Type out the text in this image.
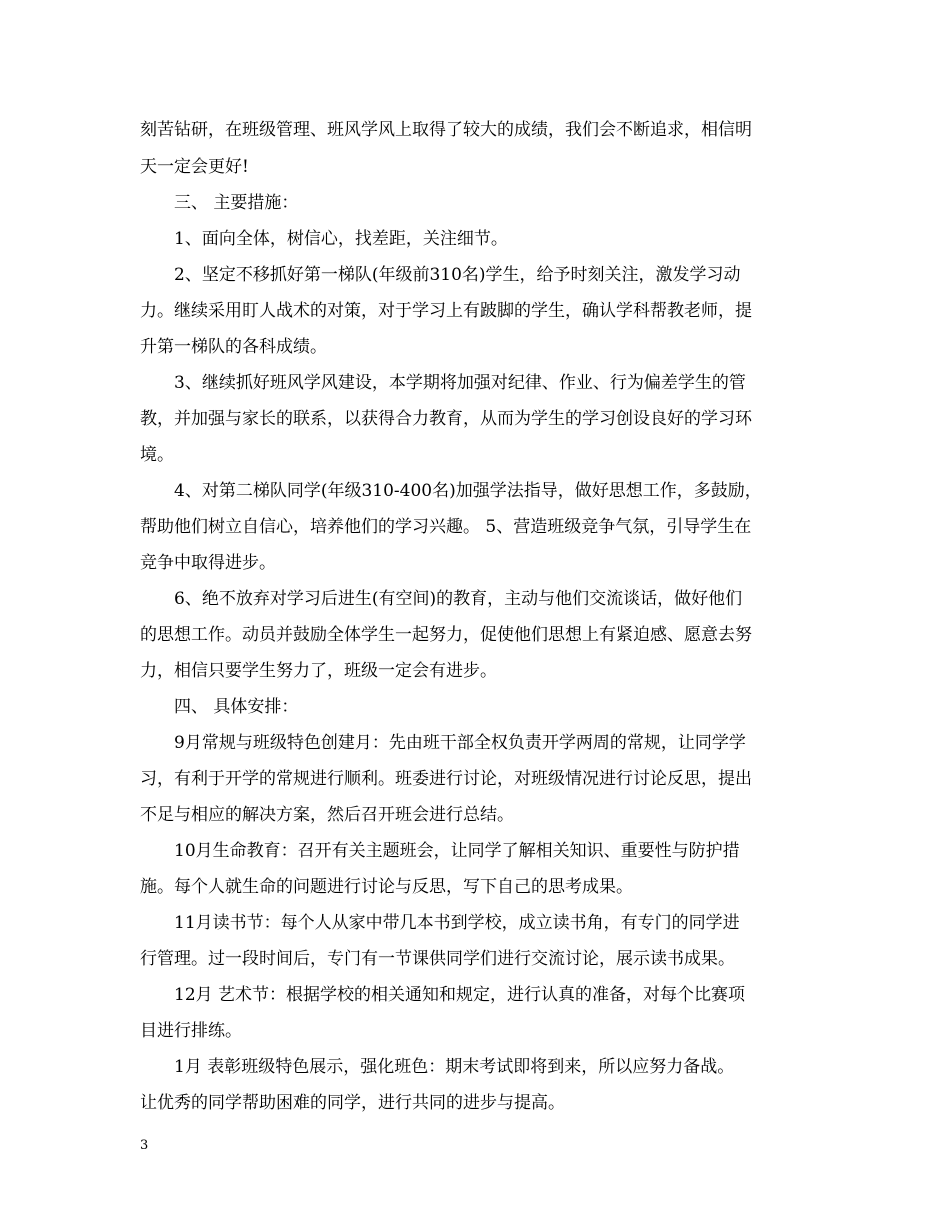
刻苦钻研，在班级管理、班风学风上取得了较大的成绩，我们会不断追求，相信明
天一定会更好!
三、 主要措施：
1、面向全体，树信心，找差距，关注细节。
2、坚定不移抓好第一梯队(年级前310名)学生，给予时刻关注，激发学习动
力。继续采用盯人战术的对策，对于学习上有跛脚的学生，确认学科帮教老师，提
升第一梯队的各科成绩。
3、继续抓好班风学风建设，本学期将加强对纪律、作业、行为偏差学生的管
教，并加强与家长的联系，以获得合力教育，从而为学生的学习创设良好的学习环
境。
4、对第二梯队同学(年级310-400名)加强学法指导，做好思想工作，多鼓励，
帮助他们树立自信心，培养他们的学习兴趣。 5、营造班级竞争气氛，引导学生在
竞争中取得进步。
6、绝不放弃对学习后进生(有空间)的教育，主动与他们交流谈话，做好他们
的思想工作。动员并鼓励全体学生一起努力，促使他们思想上有紧迫感、愿意去努
力，相信只要学生努力了，班级一定会有进步。
四、 具体安排：
9月常规与班级特色创建月：先由班干部全权负责开学两周的常规，让同学学
习，有利于开学的常规进行顺利。班委进行讨论，对班级情况进行讨论反思，提出
不足与相应的解决方案，然后召开班会进行总结。
10月生命教育：召开有关主题班会，让同学了解相关知识、重要性与防护措
施。每个人就生命的问题进行讨论与反思，写下自己的思考成果。
11月读书节：每个人从家中带几本书到学校，成立读书角，有专门的同学进
行管理。过一段时间后，专门有一节课供同学们进行交流讨论，展示读书成果。
12月 艺术节：根据学校的相关通知和规定，进行认真的准备，对每个比赛项
目进行排练。
1月 表彰班级特色展示，强化班色：期末考试即将到来，所以应努力备战。
让优秀的同学帮助困难的同学，进行共同的进步与提高。
3
